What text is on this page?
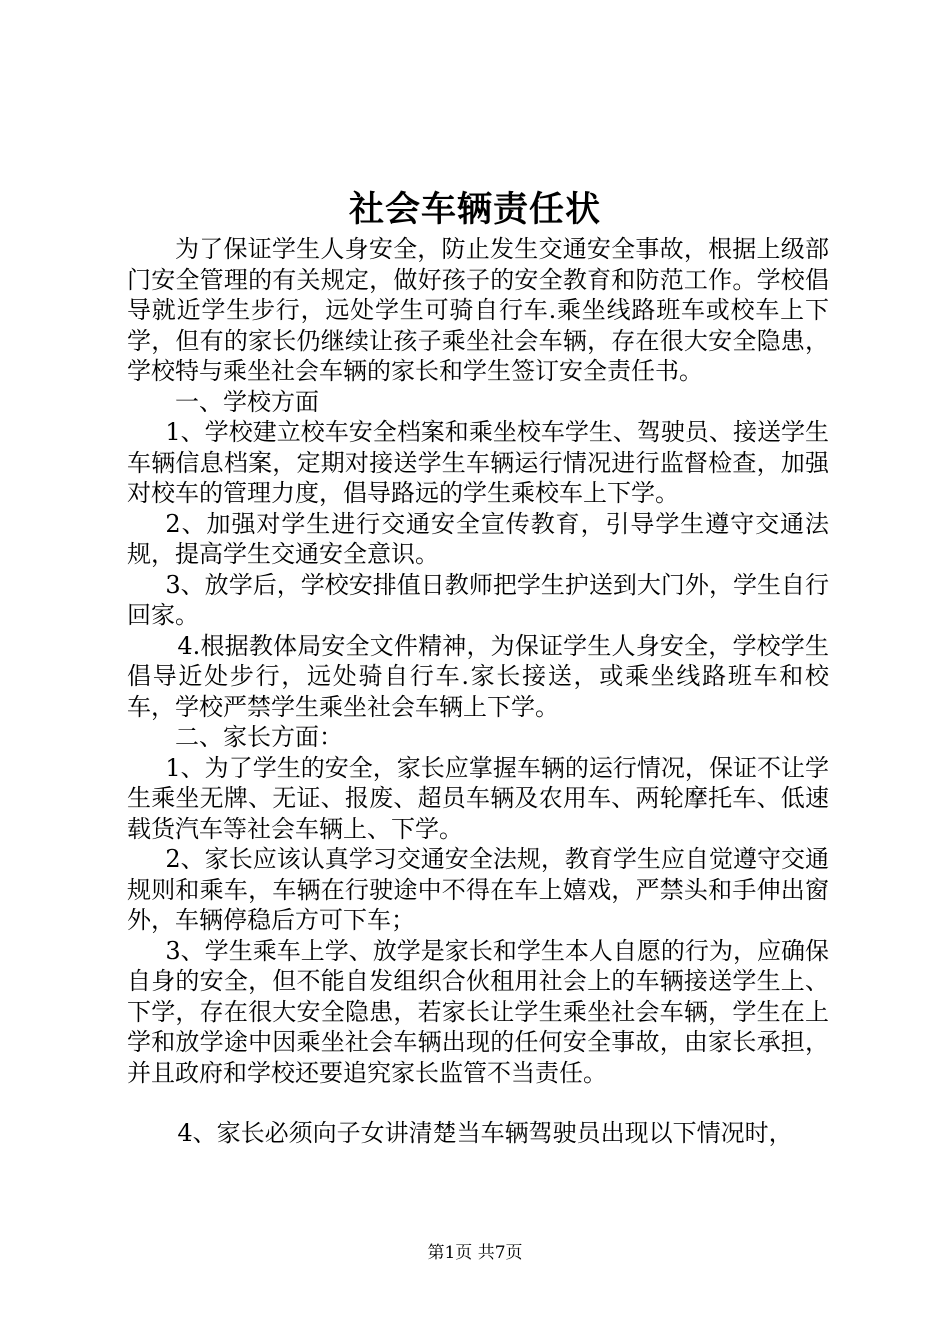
社会车辆责任状

为了保证学生人身安全，防止发生交通安全事故，根据上级部门安全管理的有关规定，做好孩子的安全教育和防范工作。学校倡导就近学生步行，远处学生可骑自行车.乘坐线路班车或校车上下学，但有的家长仍继续让孩子乘坐社会车辆，存在很大安全隐患，学校特与乘坐社会车辆的家长和学生签订安全责任书。

一、学校方面

1、学校建立校车安全档案和乘坐校车学生、驾驶员、接送学生车辆信息档案，定期对接送学生车辆运行情况进行监督检查，加强对校车的管理力度，倡导路远的学生乘校车上下学。

2、加强对学生进行交通安全宣传教育，引导学生遵守交通法规，提高学生交通安全意识。

3、放学后，学校安排值日教师把学生护送到大门外，学生自行回家。

4.根据教体局安全文件精神，为保证学生人身安全，学校学生倡导近处步行，远处骑自行车.家长接送，或乘坐线路班车和校车，学校严禁学生乘坐社会车辆上下学。

二、家长方面：

1、为了学生的安全，家长应掌握车辆的运行情况，保证不让学生乘坐无牌、无证、报废、超员车辆及农用车、两轮摩托车、低速载货汽车等社会车辆上、下学。

2、家长应该认真学习交通安全法规，教育学生应自觉遵守交通规则和乘车，车辆在行驶途中不得在车上嬉戏，严禁头和手伸出窗外，车辆停稳后方可下车；

3、学生乘车上学、放学是家长和学生本人自愿的行为，应确保自身的安全，但不能自发组织合伙租用社会上的车辆接送学生上、下学，存在很大安全隐患，若家长让学生乘坐社会车辆，学生在上学和放学途中因乘坐社会车辆出现的任何安全事故，由家长承担，并且政府和学校还要追究家长监管不当责任。

4、家长必须向子女讲清楚当车辆驾驶员出现以下情况时，

第1页 共7页
